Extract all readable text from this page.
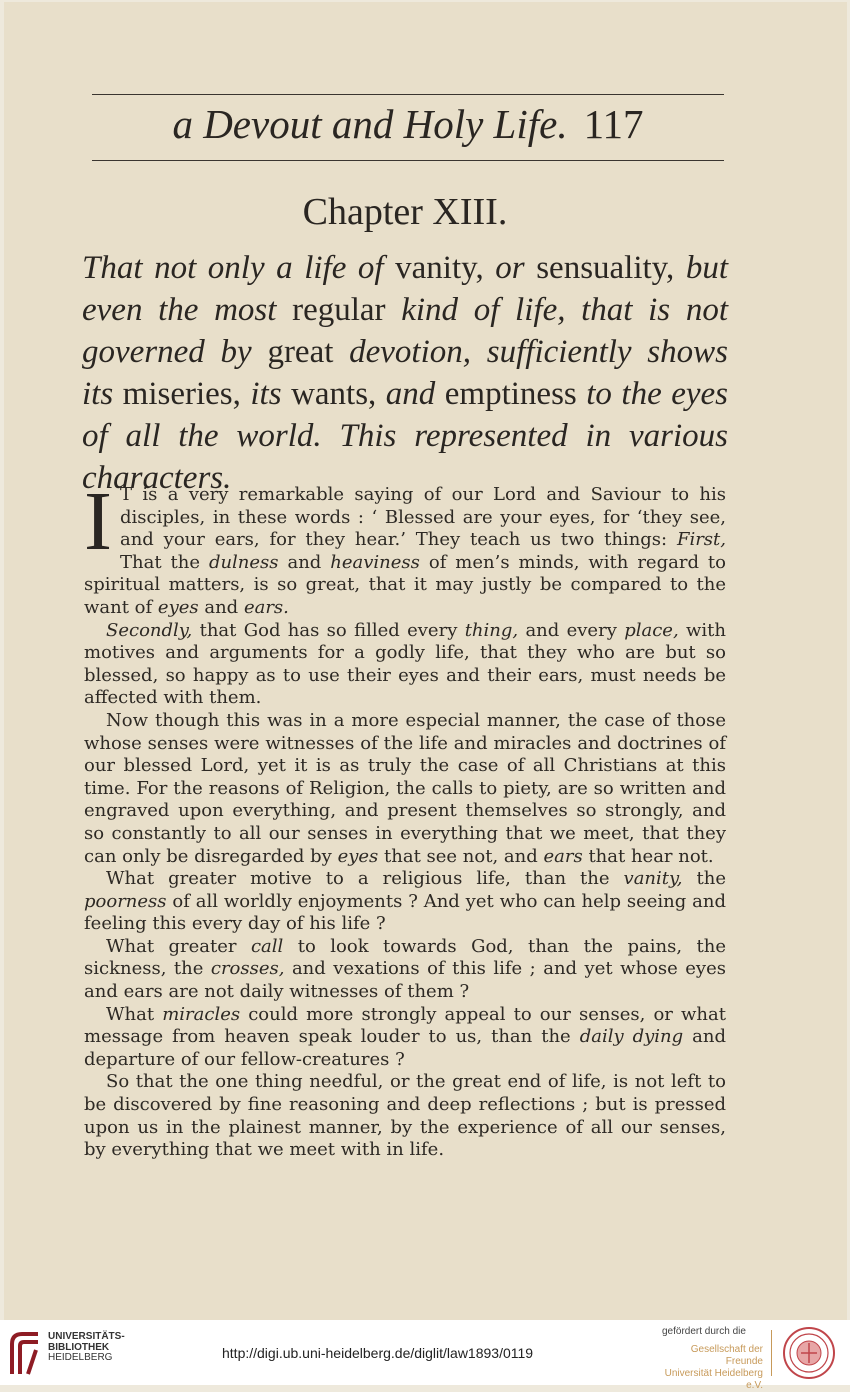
a Devout and Holy Life. 117
Chapter XIII.
That not only a life of vanity, or sensuality, but even the most regular kind of life, that is not governed by great devotion, sufficiently shows its miseries, its wants, and emptiness to the eyes of all the world. This represented in various characters.

I T is a very remarkable saying of our Lord and Saviour to his disciples, in these words : ‘ Blessed are your eyes, for ‘they see, and your ears, for they hear.’ They teach us two things: First, That the dulness and heaviness of men’s minds, with regard to spiritual matters, is so great, that it may justly be compared to the want of eyes and ears.

Secondly, that God has so filled every thing, and every place, with motives and arguments for a godly life, that they who are but so blessed, so happy as to use their eyes and their ears, must needs be affected with them.

Now though this was in a more especial manner, the case of those whose senses were witnesses of the life and miracles and doctrines of our blessed Lord, yet it is as truly the case of all Christians at this time. For the reasons of Religion, the calls to piety, are so written and engraved upon everything, and present themselves so strongly, and so constantly to all our senses in everything that we meet, that they can only be disregarded by eyes that see not, and ears that hear not.

What greater motive to a religious life, than the vanity, the poorness of all worldly enjoyments ? And yet who can help seeing and feeling this every day of his life ?

What greater call to look towards God, than the pains, the sickness, the crosses, and vexations of this life ; and yet whose eyes and ears are not daily witnesses of them ?

What miracles could more strongly appeal to our senses, or what message from heaven speak louder to us, than the daily dying and departure of our fellow-creatures ?

So that the one thing needful, or the great end of life, is not left to be discovered by fine reasoning and deep reflections ; but is pressed upon us in the plainest manner, by the experience of all our senses, by everything that we meet with in life.

UNIVERSITÄTS-
BIBLIOTHEK
HEIDELBERG	http://digi.ub.uni-heidelberg.de/diglit/law1893/0119
gefördert durch die
Gesellschaft der Freunde
Universität Heidelberg e.V.
